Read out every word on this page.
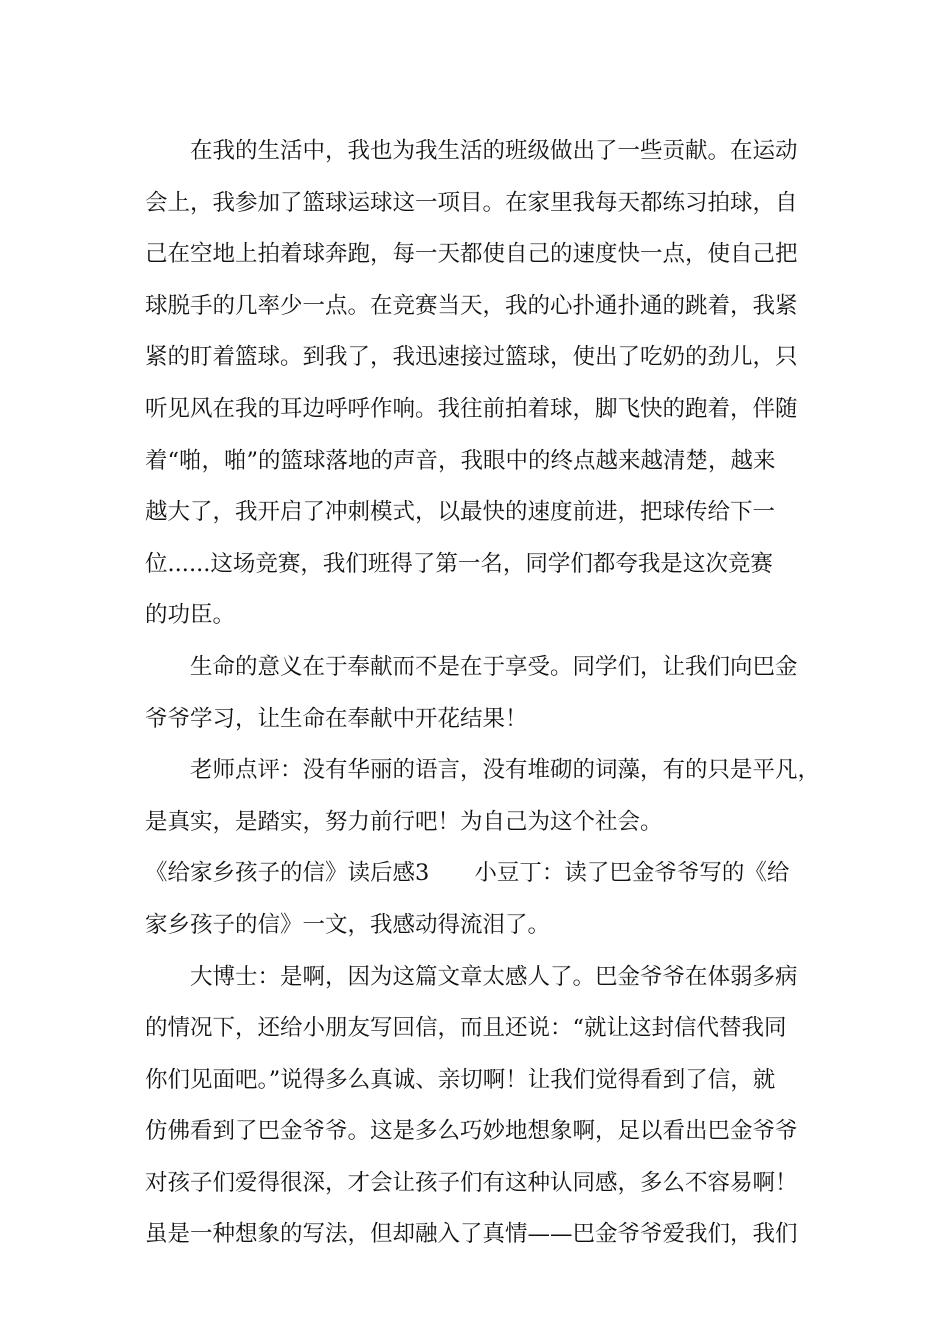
在我的生活中，我也为我生活的班级做出了一些贡献。在运动
会上，我参加了篮球运球这一项目。在家里我每天都练习拍球，自
己在空地上拍着球奔跑，每一天都使自己的速度快一点，使自己把
球脱手的几率少一点。在竞赛当天，我的心扑通扑通的跳着，我紧
紧的盯着篮球。到我了，我迅速接过篮球，使出了吃奶的劲儿，只
听见风在我的耳边呼呼作响。我往前拍着球，脚飞快的跑着，伴随
着“啪，啪”的篮球落地的声音，我眼中的终点越来越清楚，越来
越大了，我开启了冲刺模式，以最快的速度前进，把球传给下一
位......这场竞赛，我们班得了第一名，同学们都夸我是这次竞赛
的功臣。
生命的意义在于奉献而不是在于享受。同学们，让我们向巴金
爷爷学习，让生命在奉献中开花结果！
老师点评：没有华丽的语言，没有堆砌的词藻，有的只是平凡，
是真实，是踏实，努力前行吧！为自己为这个社会。
《给家乡孩子的信》读后感3　　小豆丁：读了巴金爷爷写的《给
家乡孩子的信》一文，我感动得流泪了。
大博士：是啊，因为这篇文章太感人了。巴金爷爷在体弱多病
的情况下，还给小朋友写回信，而且还说：“就让这封信代替我同
你们见面吧。”说得多么真诚、亲切啊！让我们觉得看到了信，就
仿佛看到了巴金爷爷。这是多么巧妙地想象啊，足以看出巴金爷爷
对孩子们爱得很深，才会让孩子们有这种认同感，多么不容易啊！
虽是一种想象的写法，但却融入了真情——巴金爷爷爱我们，我们
